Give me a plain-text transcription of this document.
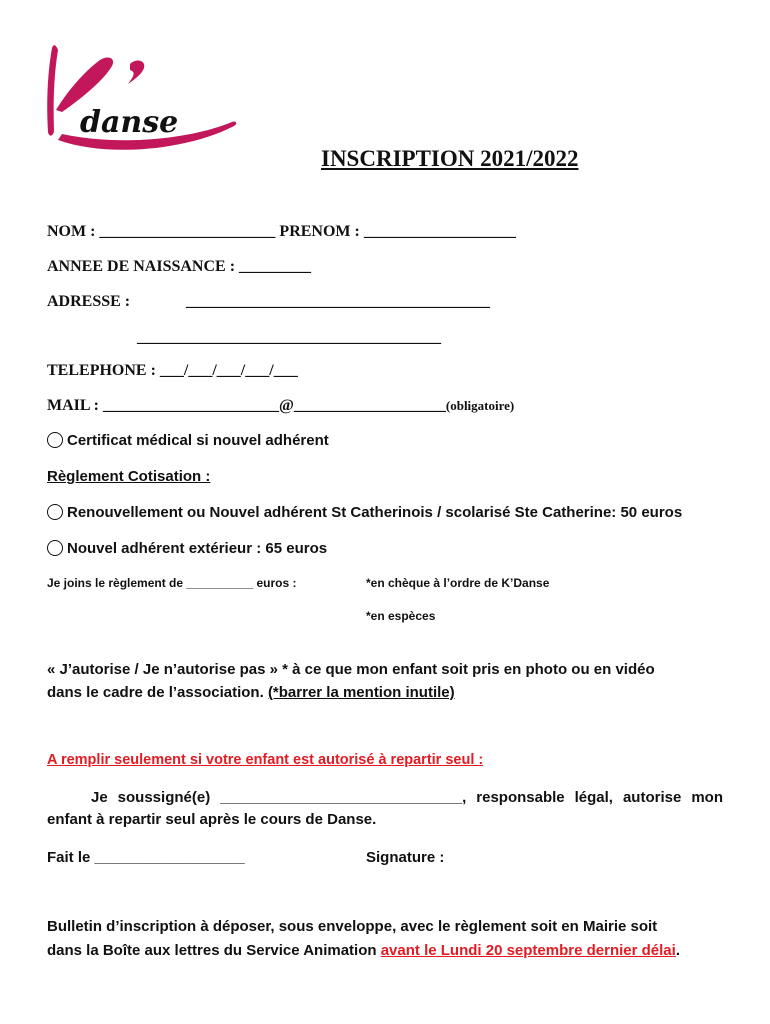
danse
INSCRIPTION 2021/2022
NOM : ______________________ PRENOM : ___________________
ANNEE DE NAISSANCE : _________
ADRESSE :	______________________________________
______________________________________
TELEPHONE : ___/___/___/___/___
MAIL : ______________________@___________________(obligatoire)
Certificat médical si nouvel adhérent
Règlement Cotisation :
Renouvellement ou Nouvel adhérent St Catherinois / scolarisé Ste Catherine: 50 euros
Nouvel adhérent extérieur : 65 euros
Je joins le règlement de __________ euros :	*en chèque à l’ordre de K’Danse
*en espèces
« J’autorise / Je n’autorise pas » * à ce que mon enfant soit pris en photo ou en vidéo
dans le cadre de l’association. (*barrer la mention inutile)
A remplir seulement si votre enfant est autorisé à repartir seul :
Je soussigné(e) _____________________________, responsable légal, autorise mon
enfant à repartir seul après le cours de Danse.
Fait le __________________	Signature :
Bulletin d’inscription à déposer, sous enveloppe, avec le règlement soit en Mairie soit
dans la Boîte aux lettres du Service Animation avant le Lundi 20 septembre dernier délai.
